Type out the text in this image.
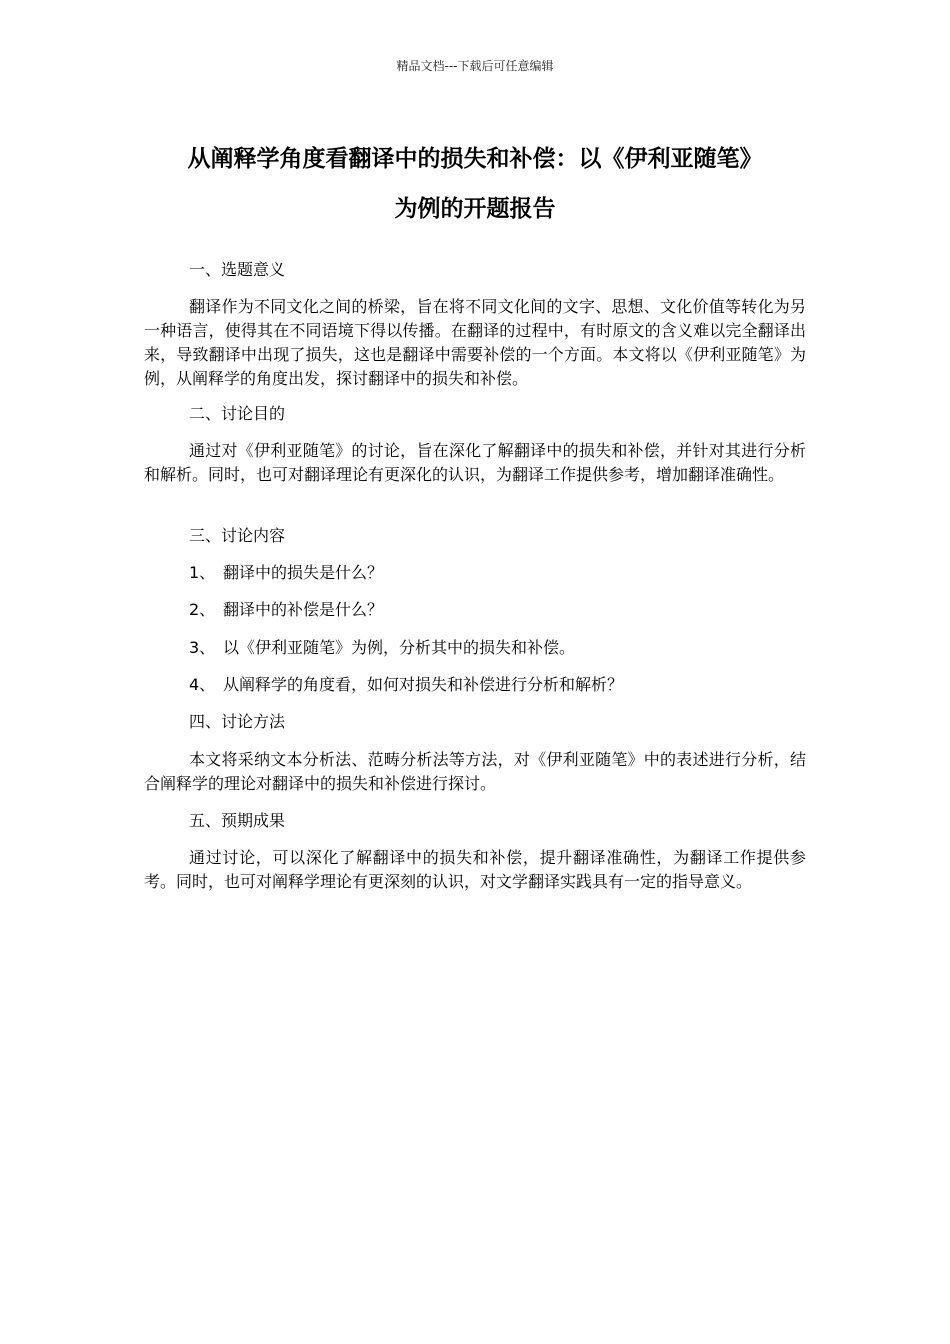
精品文档---下载后可任意编辑
从阐释学角度看翻译中的损失和补偿：以《伊利亚随笔》
为例的开题报告
一、选题意义

翻译作为不同文化之间的桥梁，旨在将不同文化间的文字、思想、文化价值等转化为另一种语言，使得其在不同语境下得以传播。在翻译的过程中，有时原文的含义难以完全翻译出来，导致翻译中出现了损失，这也是翻译中需要补偿的一个方面。本文将以《伊利亚随笔》为例，从阐释学的角度出发，探讨翻译中的损失和补偿。

二、讨论目的

通过对《伊利亚随笔》的讨论，旨在深化了解翻译中的损失和补偿，并针对其进行分析和解析。同时，也可对翻译理论有更深化的认识，为翻译工作提供参考，增加翻译准确性。

三、讨论内容
1、 翻译中的损失是什么？
2、 翻译中的补偿是什么？
3、 以《伊利亚随笔》为例，分析其中的损失和补偿。
4、 从阐释学的角度看，如何对损失和补偿进行分析和解析？
四、讨论方法

本文将采纳文本分析法、范畴分析法等方法，对《伊利亚随笔》中的表述进行分析，结合阐释学的理论对翻译中的损失和补偿进行探讨。

五、预期成果

通过讨论，可以深化了解翻译中的损失和补偿，提升翻译准确性，为翻译工作提供参考。同时，也可对阐释学理论有更深刻的认识，对文学翻译实践具有一定的指导意义。
